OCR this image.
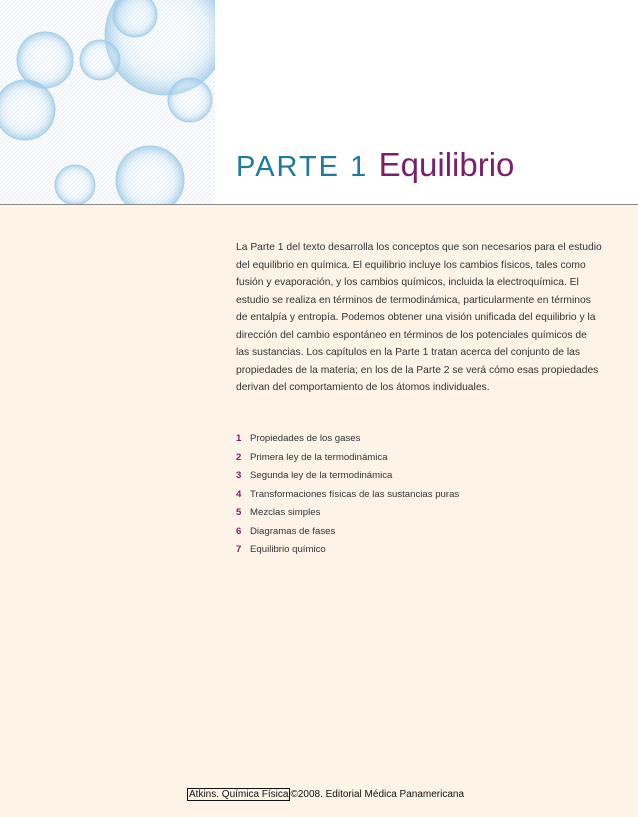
PARTE 1 Equilibrio

La Parte 1 del texto desarrolla los conceptos que son necesarios para el estudio del equilibrio en química. El equilibrio incluye los cambios físicos, tales como fusión y evaporación, y los cambios químicos, incluida la electroquímica. El estudio se realiza en términos de termodinámica, particularmente en términos de entalpía y entropía. Podemos obtener una visión unificada del equilibrio y la dirección del cambio espontáneo en términos de los potenciales químicos de las sustancias. Los capítulos en la Parte 1 tratan acerca del conjunto de las propiedades de la materia; en los de la Parte 2 se verá cómo esas propiedades derivan del comportamiento de los átomos individuales.

1 Propiedades de los gases
2 Primera ley de la termodinámica
3 Segunda ley de la termodinámica
4 Transformaciones físicas de las sustancias puras
5 Mezclas simples
6 Diagramas de fases
7 Equilibrio químico
Atkins. Química Física ©2008. Editorial Médica Panamericana
